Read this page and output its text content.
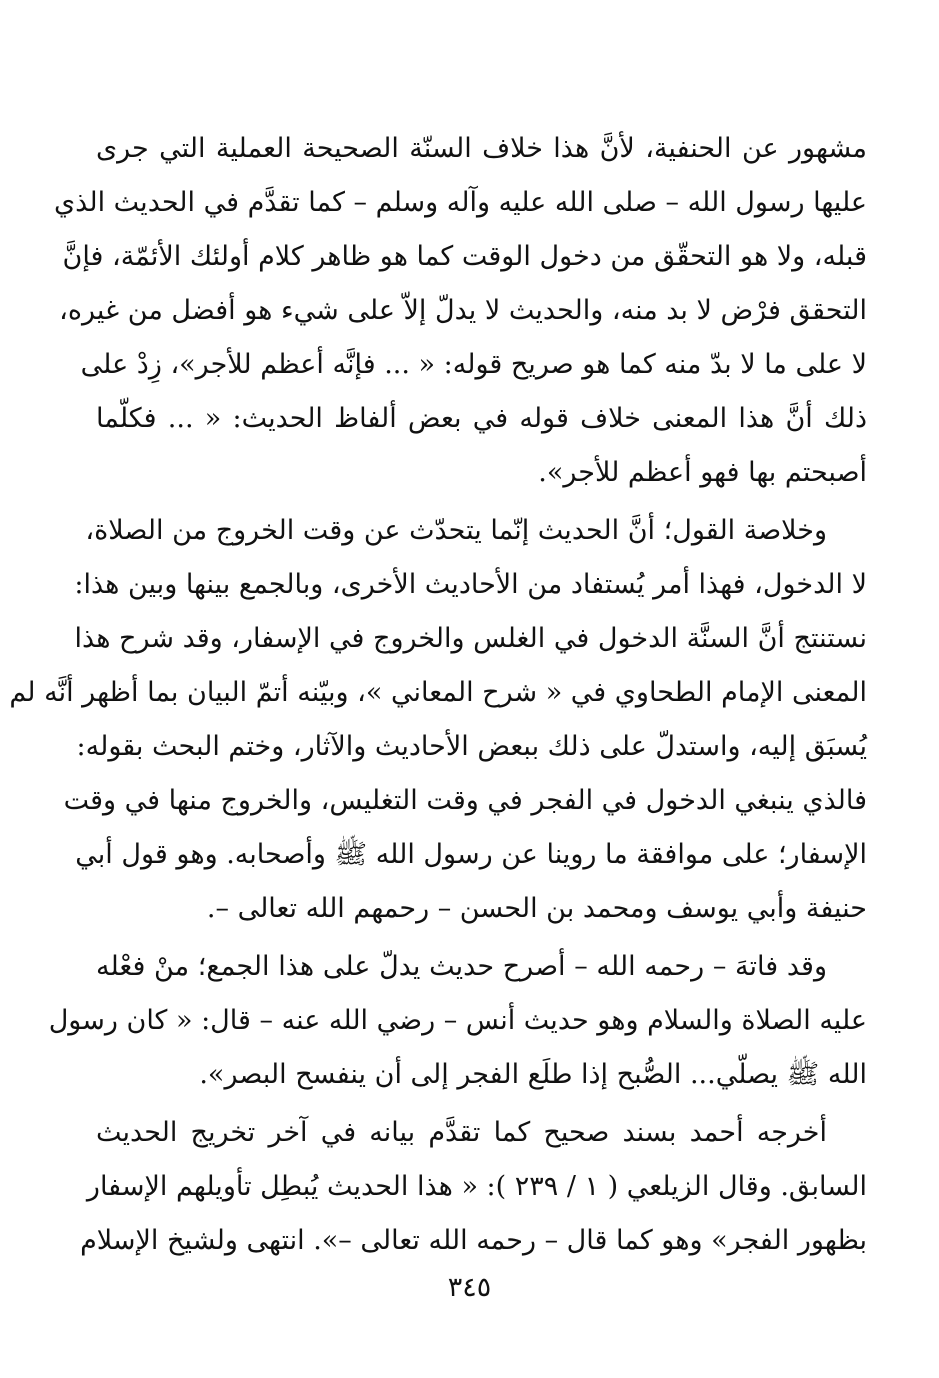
مشهور عن الحنفية، لأنَّ هذا خلاف السنّة الصحيحة العملية التي جرى
عليها رسول الله – صلى الله عليه وآله وسلم – كما تقدَّم في الحديث الذي
قبله، ولا هو التحقّق من دخول الوقت كما هو ظاهر كلام أولئك الأئمّة، فإنَّ
التحقق فرْض لا بد منه، والحديث لا يدلّ إلاّ على شيء هو أفضل من غيره،
لا على ما لا بدّ منه كما هو صريح قوله: « ... فإنَّه أعظم للأجر»، زِدْ على
ذلك أنَّ هذا المعنى خلاف قوله في بعض ألفاظ الحديث: « ... فكلّما
أصبحتم بها فهو أعظم للأجر».
وخلاصة القول؛ أنَّ الحديث إنّما يتحدّث عن وقت الخروج من الصلاة،
لا الدخول، فهذا أمر يُستفاد من الأحاديث الأخرى، وبالجمع بينها وبين هذا:
نستنتج أنَّ السنَّة الدخول في الغلس والخروج في الإسفار، وقد شرح هذا
المعنى الإمام الطحاوي في « شرح المعاني »، وبيّنه أتمّ البيان بما أظهر أنَّه لم
يُسبَق إليه، واستدلّ على ذلك ببعض الأحاديث والآثار، وختم البحث بقوله:
فالذي ينبغي الدخول في الفجر في وقت التغليس، والخروج منها في وقت
الإسفار؛ على موافقة ما روينا عن رسول الله ﷺ وأصحابه. وهو قول أبي
حنيفة وأبي يوسف ومحمد بن الحسن – رحمهم الله تعالى –.
وقد فاتهَ – رحمه الله – أصرح حديث يدلّ على هذا الجمع؛ منْ فعْله
عليه الصلاة والسلام وهو حديث أنس – رضي الله عنه – قال: « كان رسول
الله ﷺ يصلّي... الصُّبح إذا طلَع الفجر إلى أن ينفسح البصر».
أخرجه أحمد بسند صحيح كما تقدَّم بيانه في آخر تخريج الحديث
السابق. وقال الزيلعي ( ١ / ٢٣٩ ): « هذا الحديث يُبطِل تأويلهم الإسفار
بظهور الفجر» وهو كما قال – رحمه الله تعالى –». انتهى ولشيخ الإسلام
٣٤٥
